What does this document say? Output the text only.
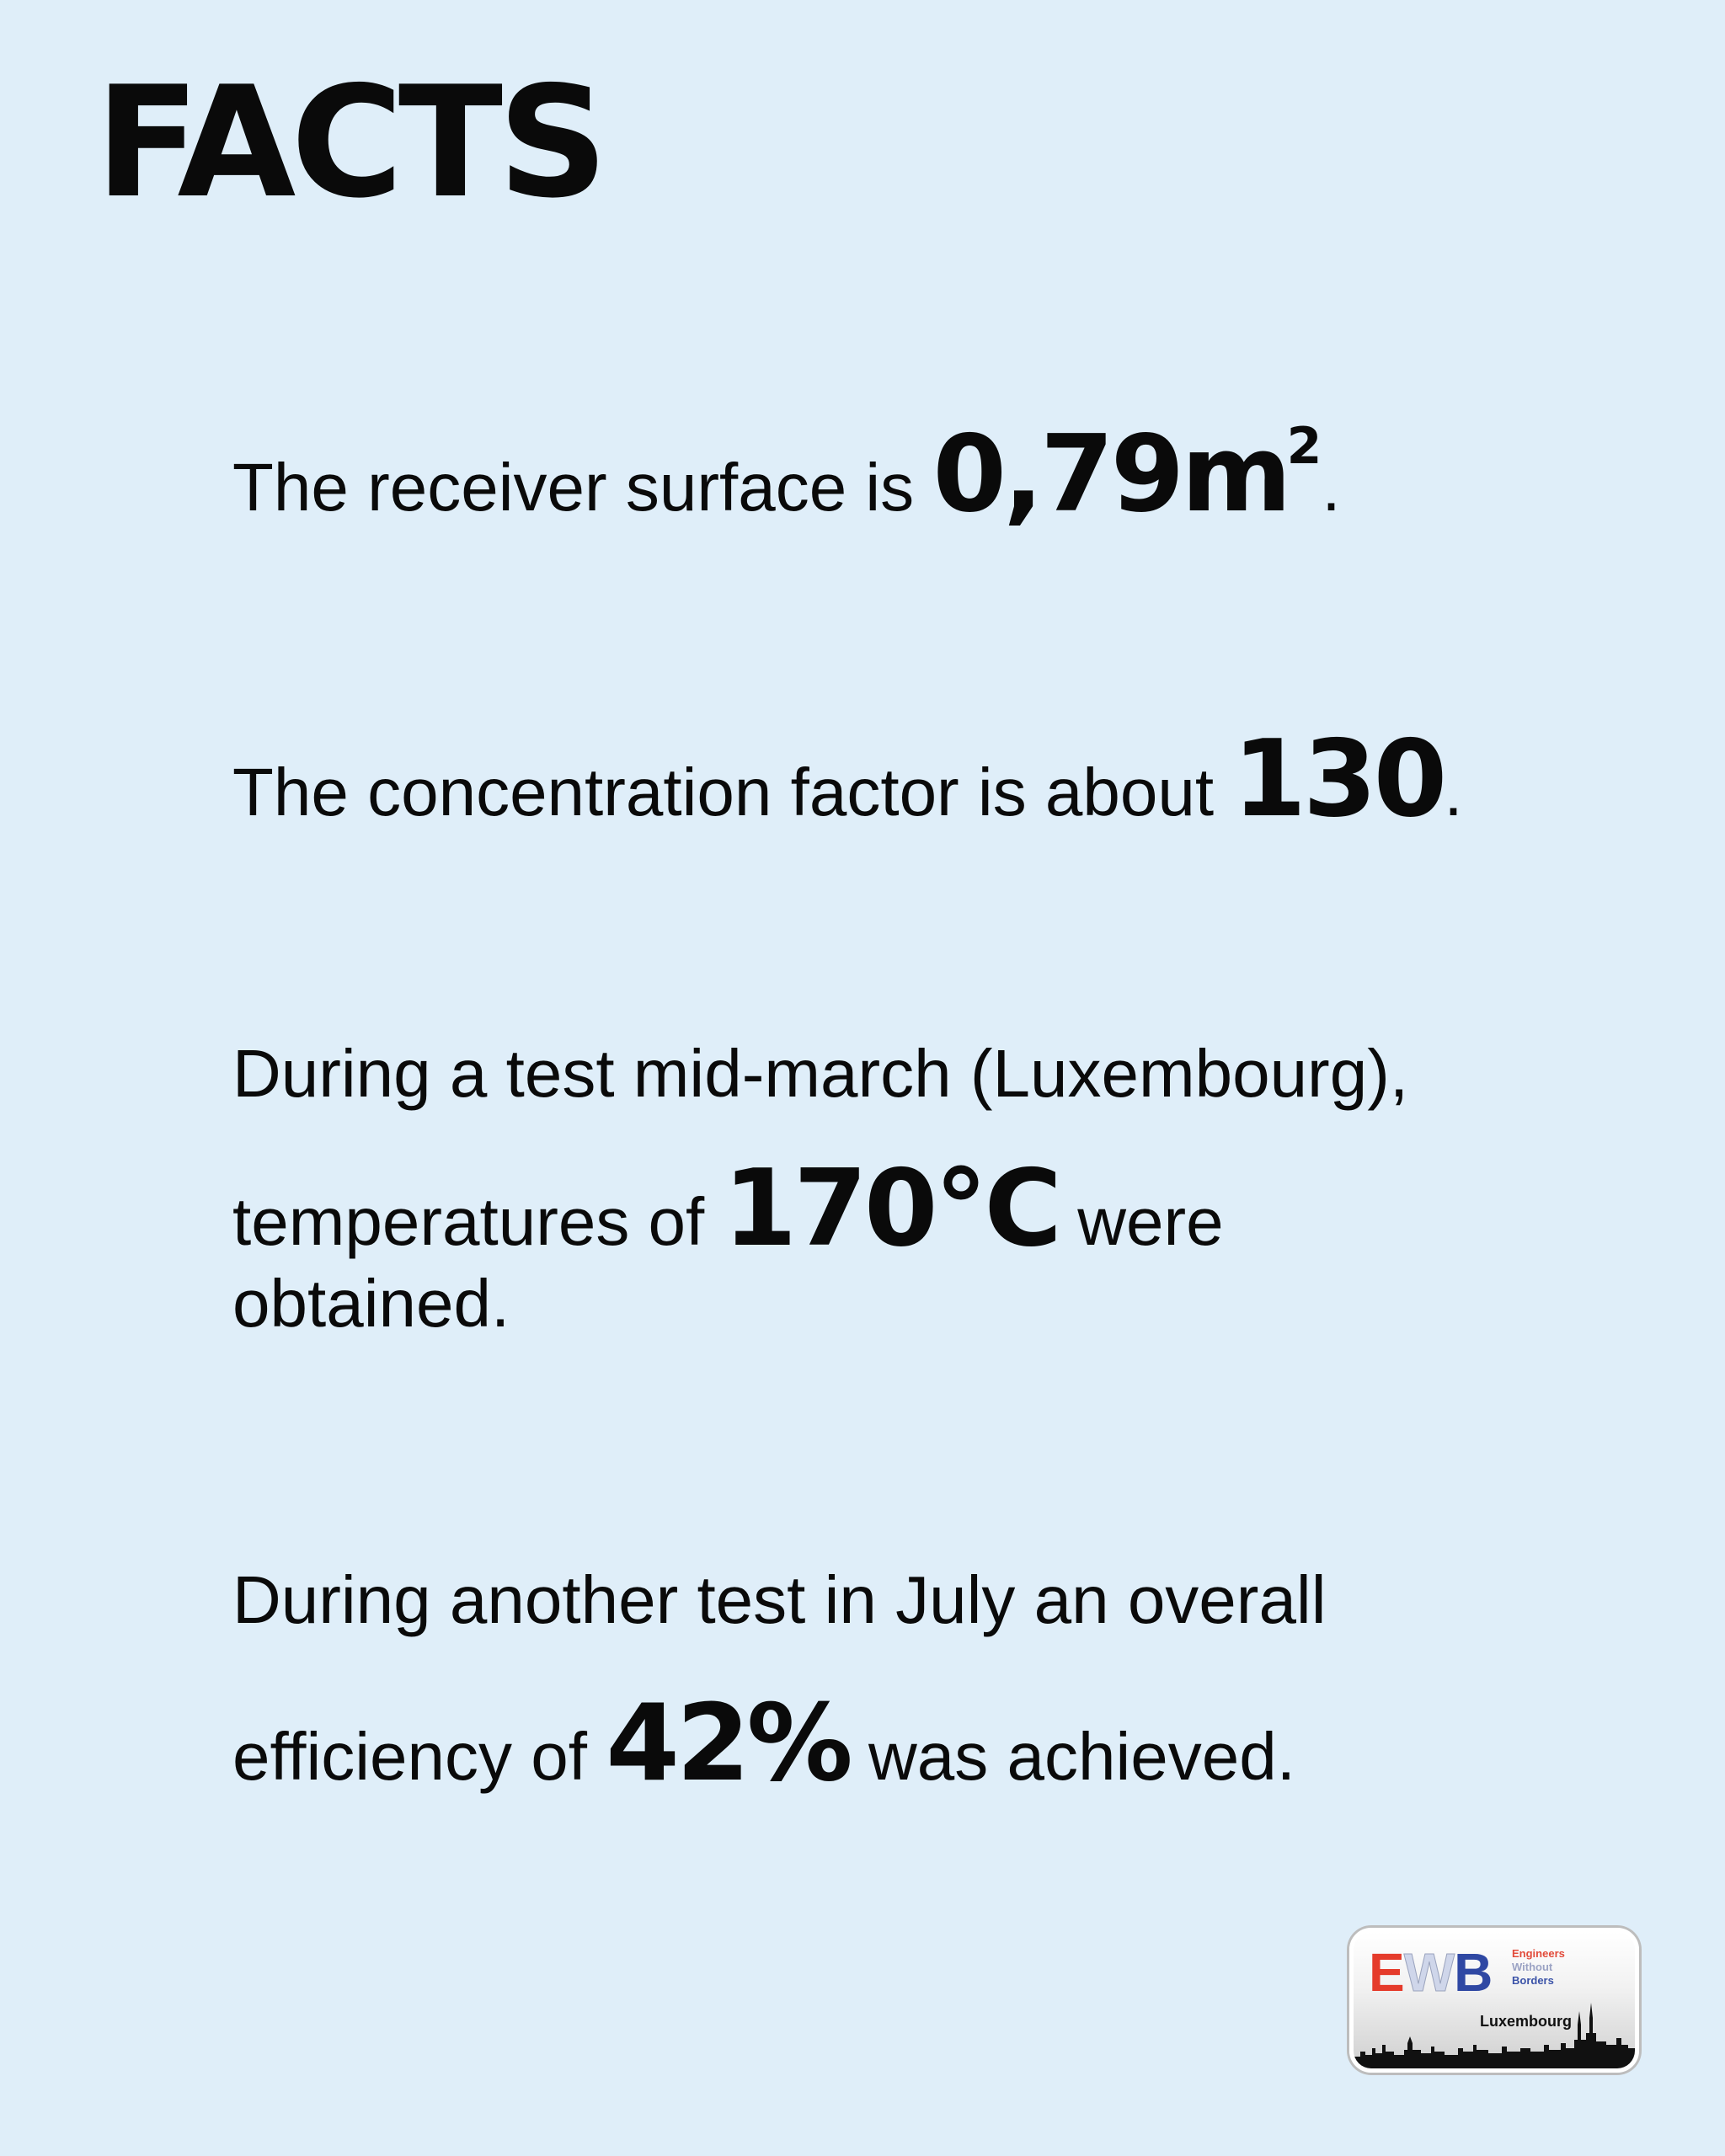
FACTS

The receiver surface is $0,79m^2$.

The concentration factor is about 130.

During a test mid-march (Luxembourg),
temperatures of 170°C were
obtained.

During another test in July an overall
efficiency of 42% was achieved.

EWB Engineers
Without
Borders
Luxembourg
